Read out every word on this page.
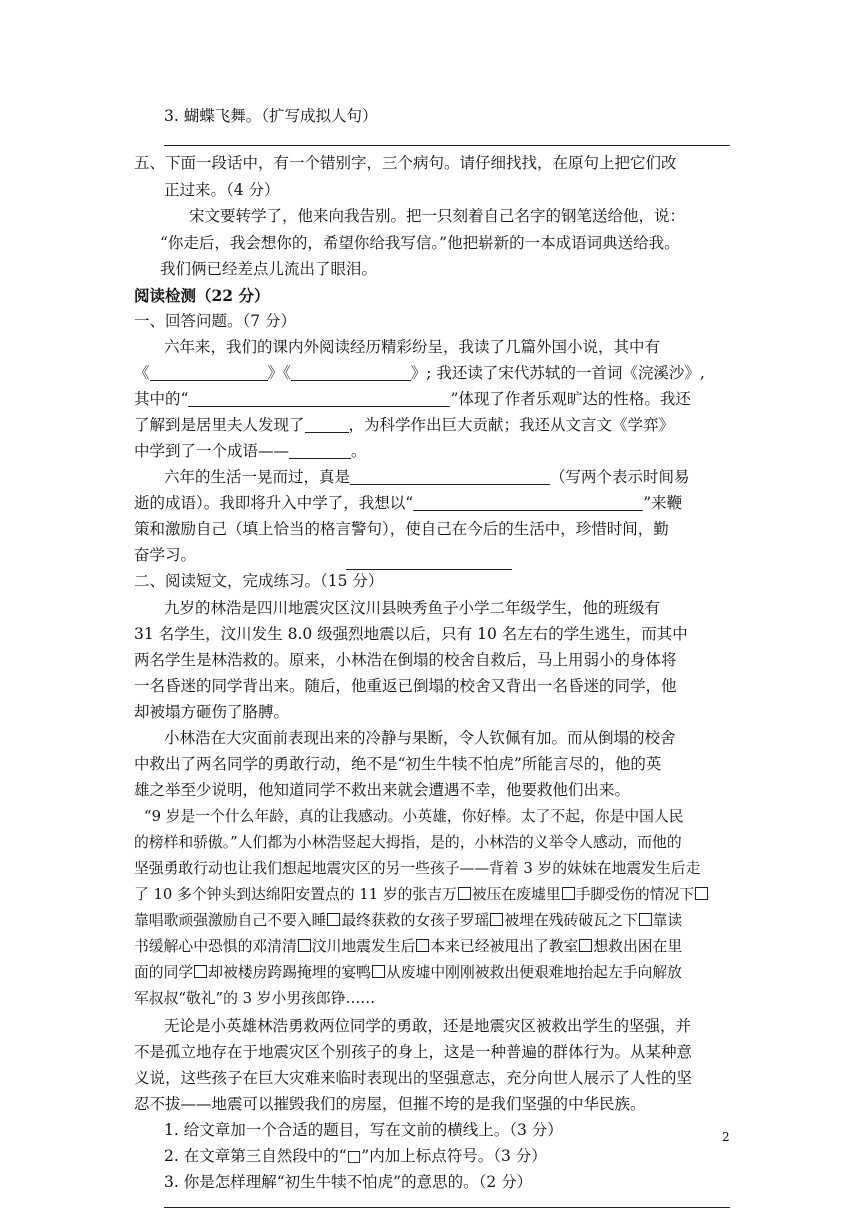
3. 蝴蝶飞舞。（扩写成拟人句）
五、下面一段话中，有一个错别字，三个病句。请仔细找找，在原句上把它们改
正过来。（4 分）
宋文要转学了，他来向我告别。把一只刻着自己名字的钢笔送给他，说：
“你走后，我会想你的，希望你给我写信。”他把崭新的一本成语词典送给我。
我们俩已经差点儿流出了眼泪。
阅读检测（22 分）
一、回答问题。（7 分）
六年来，我们的课内外阅读经历精彩纷呈，我读了几篇外国小说，其中有
《	》《	》; 我还读了宋代苏轼的一首词《浣溪沙》,
其中的“	”体现了作者乐观旷达的性格。我还
了解到是居里夫人发现了	，为科学作出巨大贡献；我还从文言文《学弈》
中学到了一个成语——	。
六年的生活一晃而过，真是	（写两个表示时间易
逝的成语）。我即将升入中学了，我想以“	”来鞭
策和激励自己（填上恰当的格言警句），使自己在今后的生活中，珍惜时间，勤
奋学习。
二、阅读短文，完成练习。（15 分）
九岁的林浩是四川地震灾区汶川县映秀鱼子小学二年级学生，他的班级有
31 名学生，汶川发生 8.0 级强烈地震以后，只有 10 名左右的学生逃生，而其中
两名学生是林浩救的。原来，小林浩在倒塌的校舍自救后，马上用弱小的身体将
一名昏迷的同学背出来。随后，他重返已倒塌的校舍又背出一名昏迷的同学，他
却被塌方砸伤了胳膊。
小林浩在大灾面前表现出来的冷静与果断，令人钦佩有加。而从倒塌的校舍
中救出了两名同学的勇敢行动，绝不是“初生牛犊不怕虎”所能言尽的，他的英
雄之举至少说明，他知道同学不救出来就会遭遇不幸，他要救他们出来。
“9 岁是一个什么年龄，真的让我感动。小英雄，你好棒。太了不起，你是中国人民
的榜样和骄傲。”人们都为小林浩竖起大拇指，是的，小林浩的义举令人感动，而他的
坚强勇敢行动也让我们想起地震灾区的另一些孩子——背着 3 岁的妹妹在地震发生后走
了 10 多个钟头到达绵阳安置点的 11 岁的张吉万 被压在废墟里 手脚受伤的情况下
靠唱歌顽强激励自己不要入睡 最终获救的女孩子罗瑶 被埋在残砖破瓦之下 靠读
书缓解心中恐惧的邓清清 汶川地震发生后 本来已经被甩出了教室 想救出困在里
面的同学 却被楼房跨踢掩埋的宴鸭 从废墟中刚刚被救出便艰难地抬起左手向解放
军叔叔“敬礼”的 3 岁小男孩郎铮……
无论是小英雄林浩勇救两位同学的勇敢，还是地震灾区被救出学生的坚强，并
不是孤立地存在于地震灾区个别孩子的身上，这是一种普遍的群体行为。从某种意
义说，这些孩子在巨大灾难来临时表现出的坚强意志，充分向世人展示了人性的坚
忍不拔——地震可以摧毁我们的房屋，但摧不垮的是我们坚强的中华民族。
1. 给文章加一个合适的题目，写在文前的横线上。（3 分）
2. 在文章第三自然段中的“□”内加上标点符号。（3 分）
3. 你是怎样理解“初生牛犊不怕虎”的意思的。（2 分）
2
